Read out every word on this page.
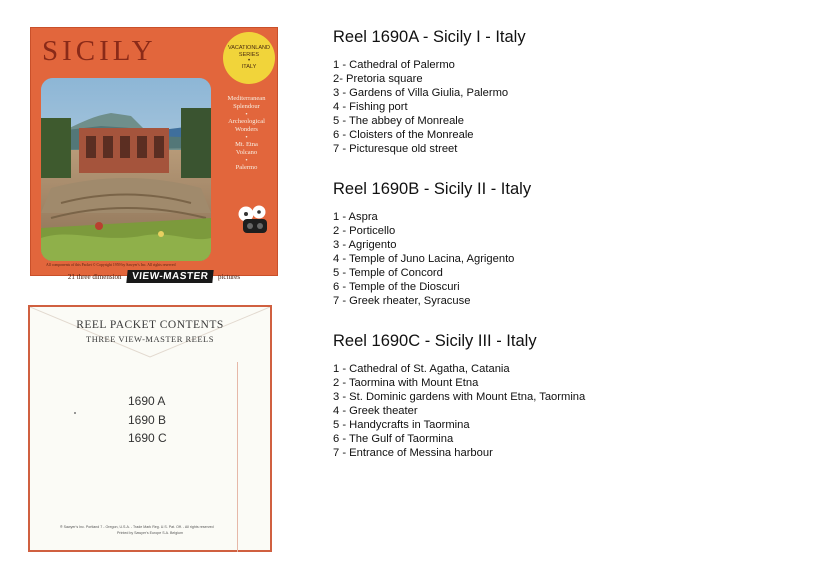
SICILY	VACATIONLAND
SERIES
•
ITALY
Mediterranean
Splendour
•
Archeological
Wonders
•
Mt. Etna
Volcano
•
Palermo
All components of this Packet © Copyright 1959 by Sawyer's Inc. All rights reserved
21 three dimension VIEW-MASTER	pictures
REEL PACKET CONTENTS
THREE VIEW-MASTER REELS
1690 A
1690 B
1690 C
® Sawyer's Inc. Portland 7 - Oregon, U.S.A. - Trade Mark Reg. U.S. Pat. Off. - All rights reserved
Printed by Sawyer's Europe S.A. Belgium
Reel 1690A - Sicily I - Italy
1 - Cathedral of Palermo
2- Pretoria square
3 - Gardens of Villa Giulia, Palermo
4 - Fishing port
5 - The abbey of Monreale
6 - Cloisters of the Monreale
7 - Picturesque old street
Reel 1690B - Sicily II - Italy
1 - Aspra
2 - Porticello
3 - Agrigento
4 - Temple of Juno Lacina, Agrigento
5 - Temple of Concord
6 - Temple of the Dioscuri
7 - Greek rheater, Syracuse
Reel 1690C - Sicily III - Italy
1 - Cathedral of St. Agatha, Catania
2 - Taormina with Mount Etna
3 - St. Dominic gardens with Mount Etna, Taormina
4 - Greek theater
5 - Handycrafts in Taormina
6 - The Gulf of Taormina
7 - Entrance of Messina harbour
